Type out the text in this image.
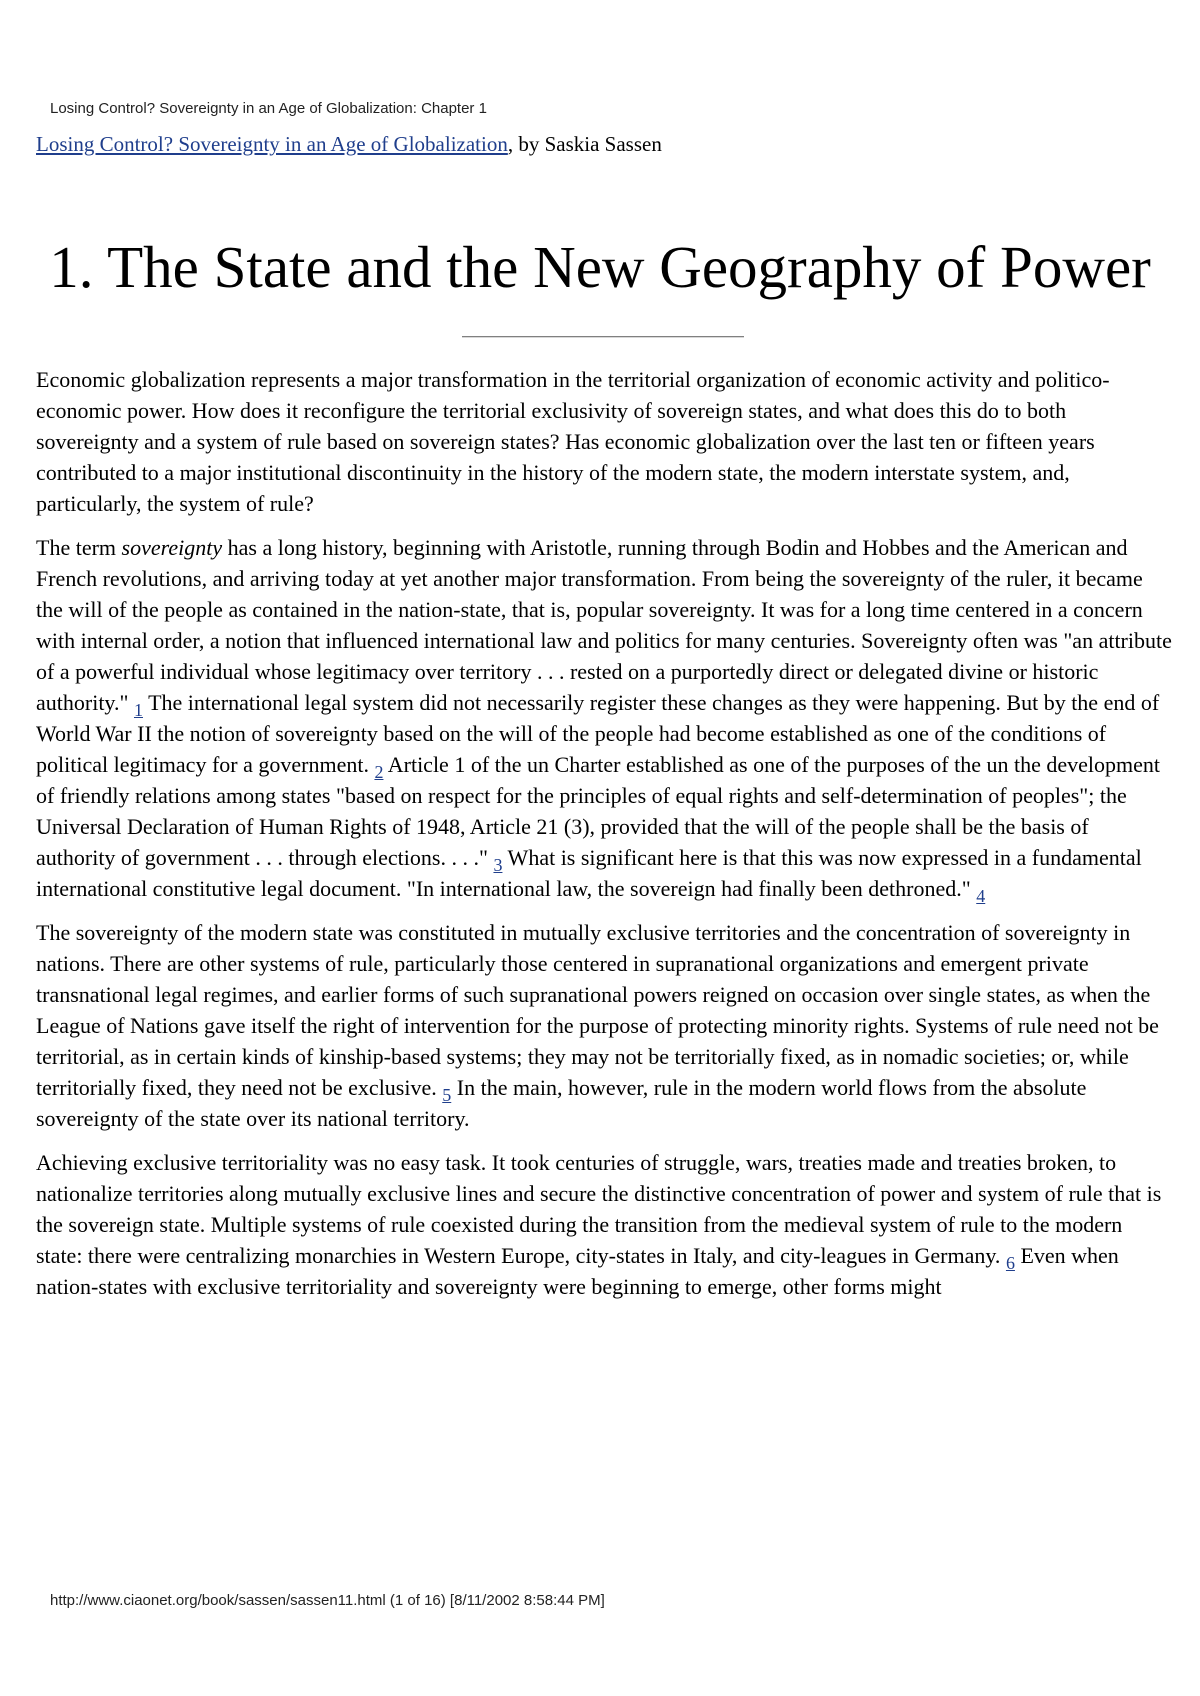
Losing Control? Sovereignty in an Age of Globalization: Chapter 1
Losing Control? Sovereignty in an Age of Globalization, by Saskia Sassen
1. The State and the New Geography of Power

Economic globalization represents a major transformation in the territorial organization of economic activity and politico-economic power. How does it reconfigure the territorial exclusivity of sovereign states, and what does this do to both sovereignty and a system of rule based on sovereign states? Has economic globalization over the last ten or fifteen years contributed to a major institutional discontinuity in the history of the modern state, the modern interstate system, and, particularly, the system of rule?

The term sovereignty has a long history, beginning with Aristotle, running through Bodin and Hobbes and the American and French revolutions, and arriving today at yet another major transformation. From being the sovereignty of the ruler, it became the will of the people as contained in the nation-state, that is, popular sovereignty. It was for a long time centered in a concern with internal order, a notion that influenced international law and politics for many centuries. Sovereignty often was "an attribute of a powerful individual whose legitimacy over territory . . . rested on a purportedly direct or delegated divine or historic authority." $_1$ The international legal system did not necessarily register these changes as they were happening. But by the end of World War II the notion of sovereignty based on the will of the people had become established as one of the conditions of political legitimacy for a government. $_2$ Article 1 of the un Charter established as one of the purposes of the un the development of friendly relations among states "based on respect for the principles of equal rights and self-determination of peoples"; the Universal Declaration of Human Rights of 1948, Article 21 (3), provided that the will of the people shall be the basis of authority of government . . . through elections. . . ." $_3$ What is significant here is that this was now expressed in a fundamental international constitutive legal document. "In international law, the sovereign had finally been dethroned." $_4$

The sovereignty of the modern state was constituted in mutually exclusive territories and the concentration of sovereignty in nations. There are other systems of rule, particularly those centered in supranational organizations and emergent private transnational legal regimes, and earlier forms of such supranational powers reigned on occasion over single states, as when the League of Nations gave itself the right of intervention for the purpose of protecting minority rights. Systems of rule need not be territorial, as in certain kinds of kinship-based systems; they may not be territorially fixed, as in nomadic societies; or, while territorially fixed, they need not be exclusive. $_5$ In the main, however, rule in the modern world flows from the absolute sovereignty of the state over its national territory.

Achieving exclusive territoriality was no easy task. It took centuries of struggle, wars, treaties made and treaties broken, to nationalize territories along mutually exclusive lines and secure the distinctive concentration of power and system of rule that is the sovereign state. Multiple systems of rule coexisted during the transition from the medieval system of rule to the modern state: there were centralizing monarchies in Western Europe, city-states in Italy, and city-leagues in Germany. $_6$ Even when nation-states with exclusive territoriality and sovereignty were beginning to emerge, other forms might

http://www.ciaonet.org/book/sassen/sassen11.html (1 of 16) [8/11/2002 8:58:44 PM]
